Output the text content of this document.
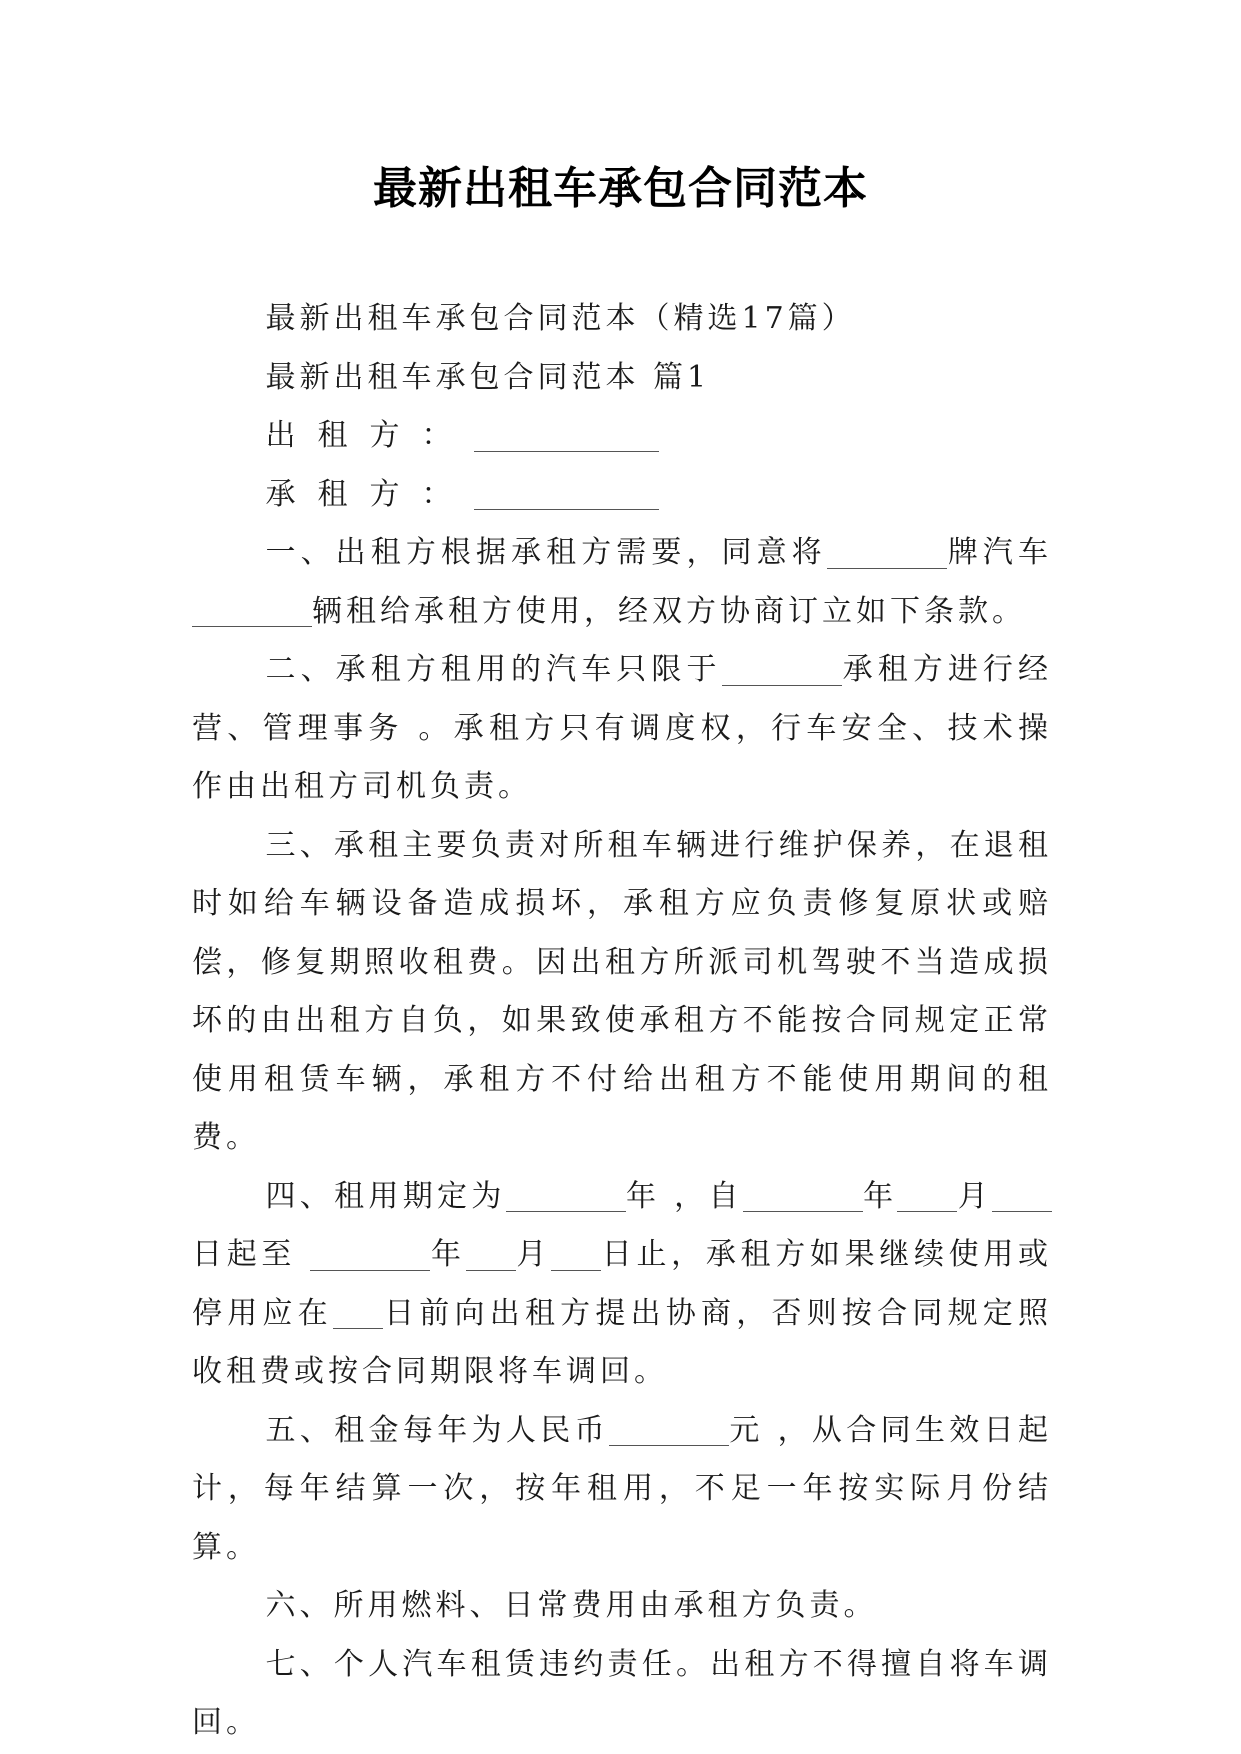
最新出租车承包合同范本

最新出租车承包合同范本（精选17篇）

最新出租车承包合同范本 篇1

出租方：

承租方：

一、出租方根据承租方需要，同意将	牌汽车辆租给承租方使用，经双方协商订立如下条款。

二、承租方租用的汽车只限于	承租方进行经营、管理事务 。承租方只有调度权，行车安全、技术操作由出租方司机负责。

三、承租主要负责对所租车辆进行维护保养，在退租时如给车辆设备造成损坏，承租方应负责修复原状或赔偿，修复期照收租费。因出租方所派司机驾驶不当造成损坏的由出租方自负，如果致使承租方不能按合同规定正常使用租赁车辆，承租方不付给出租方不能使用期间的租费。

四、租用期定为	年 ，自	年 月日起至	年 月 日止，承租方如果继续使用或停用应在 日前向出租方提出协商，否则按合同规定照收租费或按合同期限将车调回。

五、租金每年为人民币	元 ，从合同生效日起计，每年结算一次，按年租用，不足一年按实际月份结算。

六、所用燃料、日常费用由承租方负责。

七、个人汽车租赁违约责任。出租方不得擅自将车调回。
